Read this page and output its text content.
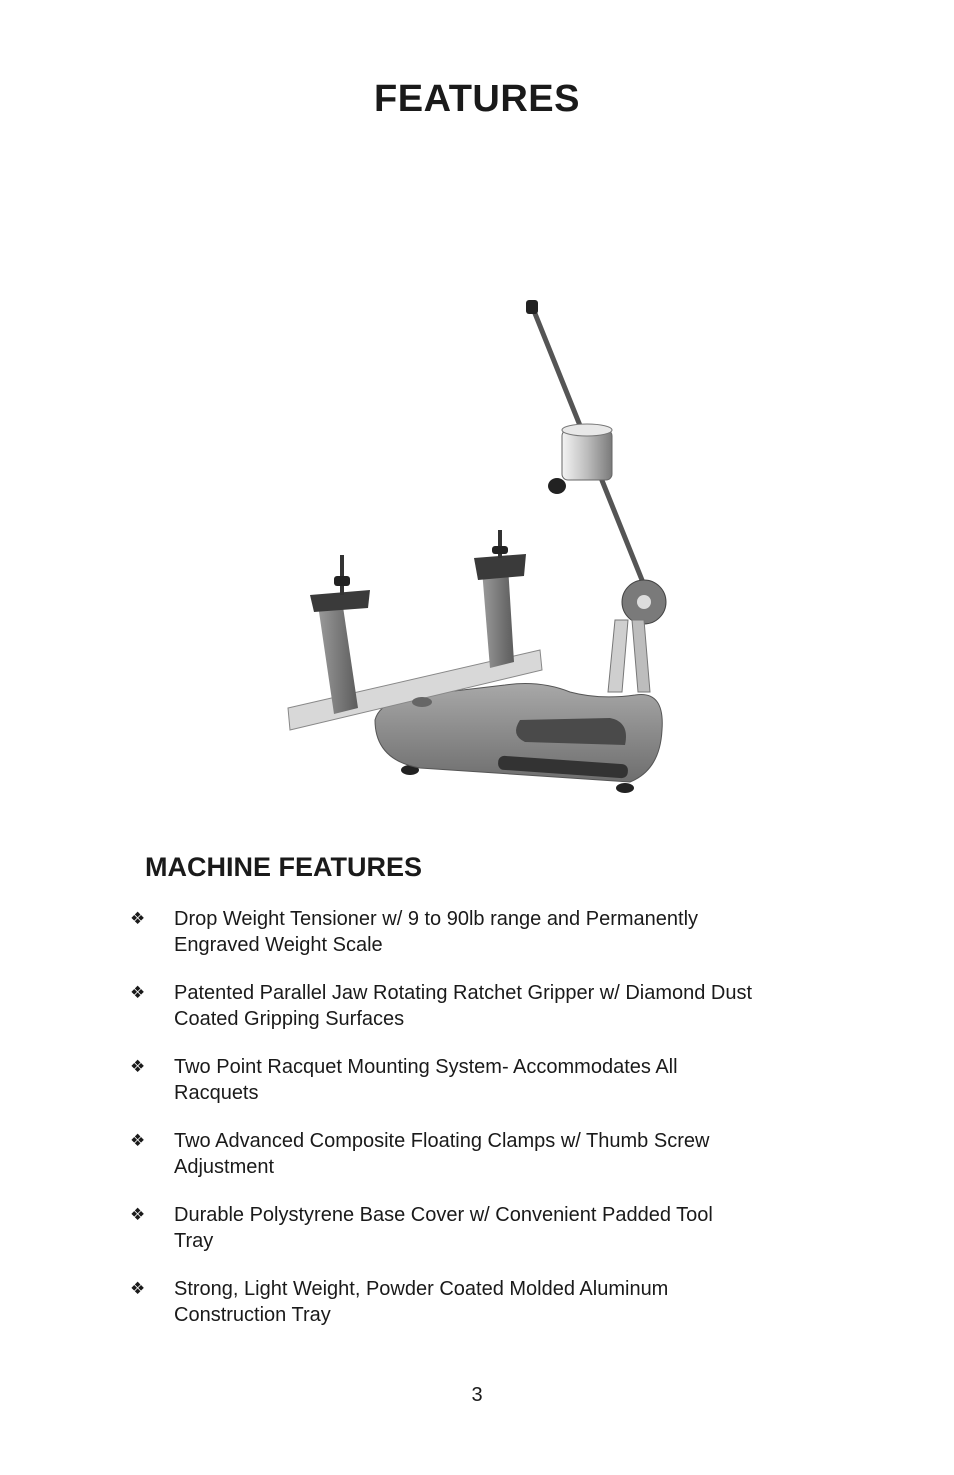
FEATURES
MACHINE FEATURES
❖ Drop Weight Tensioner w/ 9 to 90lb range and Permanently
Engraved Weight Scale
❖ Patented Parallel Jaw Rotating Ratchet Gripper w/ Diamond Dust
Coated Gripping Surfaces
❖ Two Point Racquet Mounting System- Accommodates All
Racquets
❖ Two Advanced Composite Floating Clamps w/ Thumb Screw
Adjustment
❖ Durable Polystyrene Base Cover w/ Convenient Padded Tool
Tray
❖ Strong, Light Weight, Powder Coated Molded Aluminum
Construction Tray
3
